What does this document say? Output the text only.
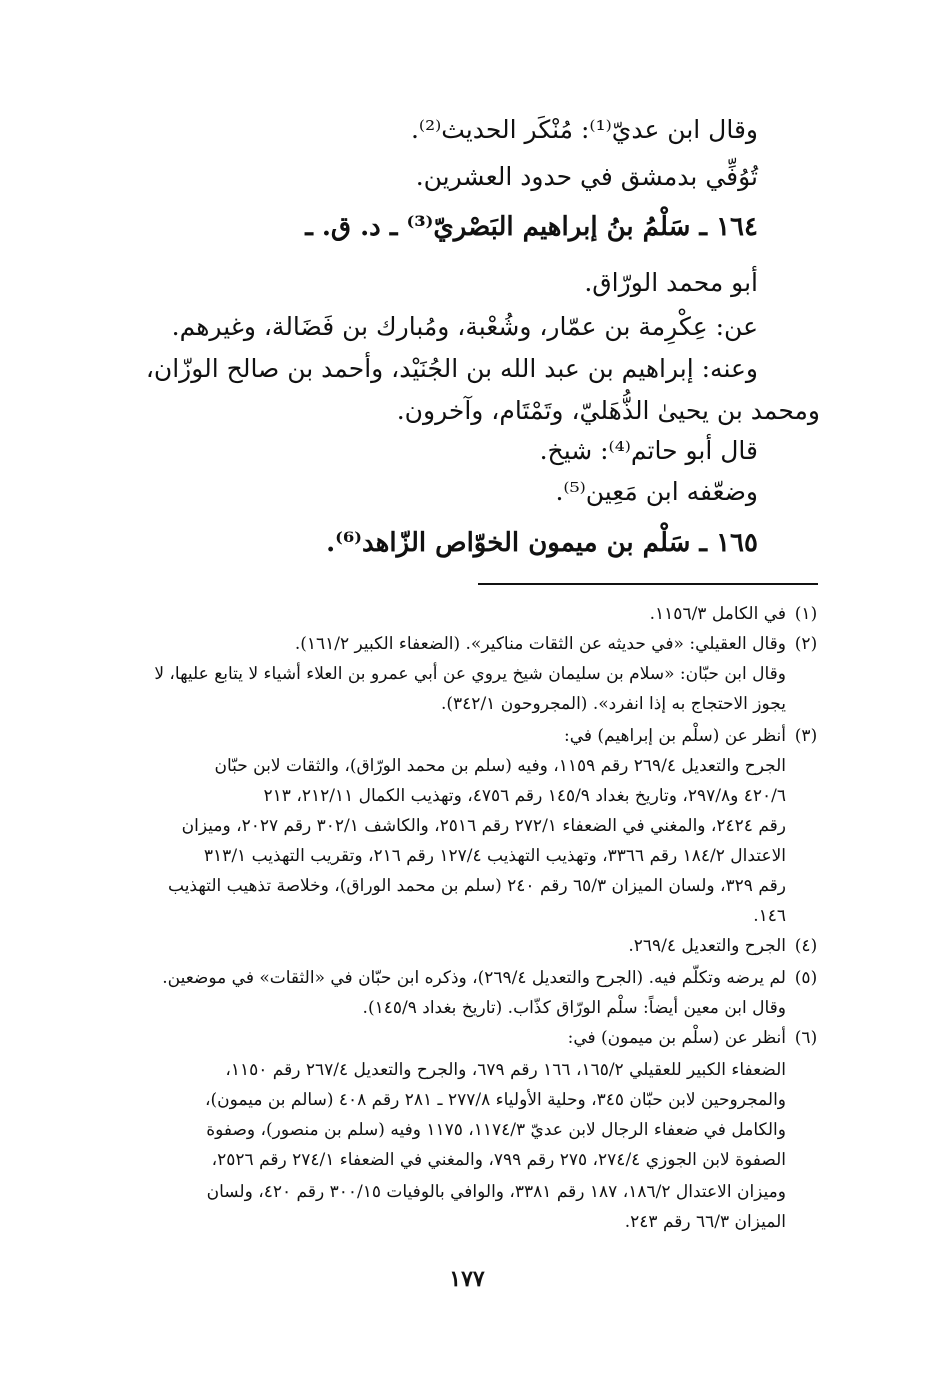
وقال ابن عديّ⁽¹⁾: مُنْكَر الحديث⁽²⁾.
تُوُفِّي بدمشق في حدود العشرين.
١٦٤ ـ سَلْمُ بنُ إبراهيم البَصْريّ⁽³⁾ ـ د. ق. ـ
أبو محمد الورّاق.
عن: عِكْرِمة بن عمّار، وشُعْبة، ومُبارك بن فَضَالة، وغيرهم.
وعنه: إبراهيم بن عبد الله بن الجُنَيْد، وأحمد بن صالح الوزّان،
ومحمد بن يحيىٰ الذُّهَليّ، وتَمْتَام، وآخرون.
قال أبو حاتم⁽⁴⁾: شيخ.
وضعّفه ابن مَعِين⁽⁵⁾.
١٦٥ ـ سَلْم بن ميمون الخوّاص الزّاهد⁽⁶⁾.
(١)
في الكامل ١١٥٦/٣.
(٢)
وقال العقيلي: «في حديثه عن الثقات مناكير». (الضعفاء الكبير ١٦١/٢).
وقال ابن حبّان: «سلام بن سليمان شيخ يروي عن أبي عمرو بن العلاء أشياء لا يتابع عليها، لا
يجوز الاحتجاج به إذا انفرد». (المجروحون ٣٤٢/١).
(٣)
أنظر عن (سلْم بن إبراهيم) في:
الجرح والتعديل ٢٦٩/٤ رقم ١١٥٩، وفيه (سلم بن محمد الورّاق)، والثقات لابن حبّان
٤٢٠/٦ و٢٩٧/٨، وتاريخ بغداد ١٤٥/٩ رقم ٤٧٥٦، وتهذيب الكمال ٢١٢/١١، ٢١٣
رقم ٢٤٢٤، والمغني في الضعفاء ٢٧٢/١ رقم ٢٥١٦، والكاشف ٣٠٢/١ رقم ٢٠٢٧، وميزان
الاعتدال ١٨٤/٢ رقم ٣٣٦٦، وتهذيب التهذيب ١٢٧/٤ رقم ٢١٦، وتقريب التهذيب ٣١٣/١
رقم ٣٢٩، ولسان الميزان ٦٥/٣ رقم ٢٤٠ (سلم بن محمد الوراق)، وخلاصة تذهيب التهذيب
١٤٦.
(٤)
الجرح والتعديل ٢٦٩/٤.
(٥)
لم يرضه وتكلّم فيه. (الجرح والتعديل ٢٦٩/٤)، وذكره ابن حبّان في «الثقات» في موضعين.
وقال ابن معين أيضاً: سلْم الورّاق كذّاب. (تاريخ بغداد ١٤٥/٩).
(٦)
أنظر عن (سلْم بن ميمون) في:
الضعفاء الكبير للعقيلي ١٦٥/٢، ١٦٦ رقم ٦٧٩، والجرح والتعديل ٢٦٧/٤ رقم ١١٥٠،
والمجروحين لابن حبّان ٣٤٥، وحلية الأولياء ٢٧٧/٨ ـ ٢٨١ رقم ٤٠٨ (سالم بن ميمون)،
والكامل في ضعفاء الرجال لابن عديّ ١١٧٤/٣، ١١٧٥ وفيه (سلم بن منصور)، وصفوة
الصفوة لابن الجوزي ٢٧٤/٤، ٢٧٥ رقم ٧٩٩، والمغني في الضعفاء ٢٧٤/١ رقم ٢٥٢٦،
وميزان الاعتدال ١٨٦/٢، ١٨٧ رقم ٣٣٨١، والوافي بالوفيات ٣٠٠/١٥ رقم ٤٢٠، ولسان
الميزان ٦٦/٣ رقم ٢٤٣.
١٧٧
